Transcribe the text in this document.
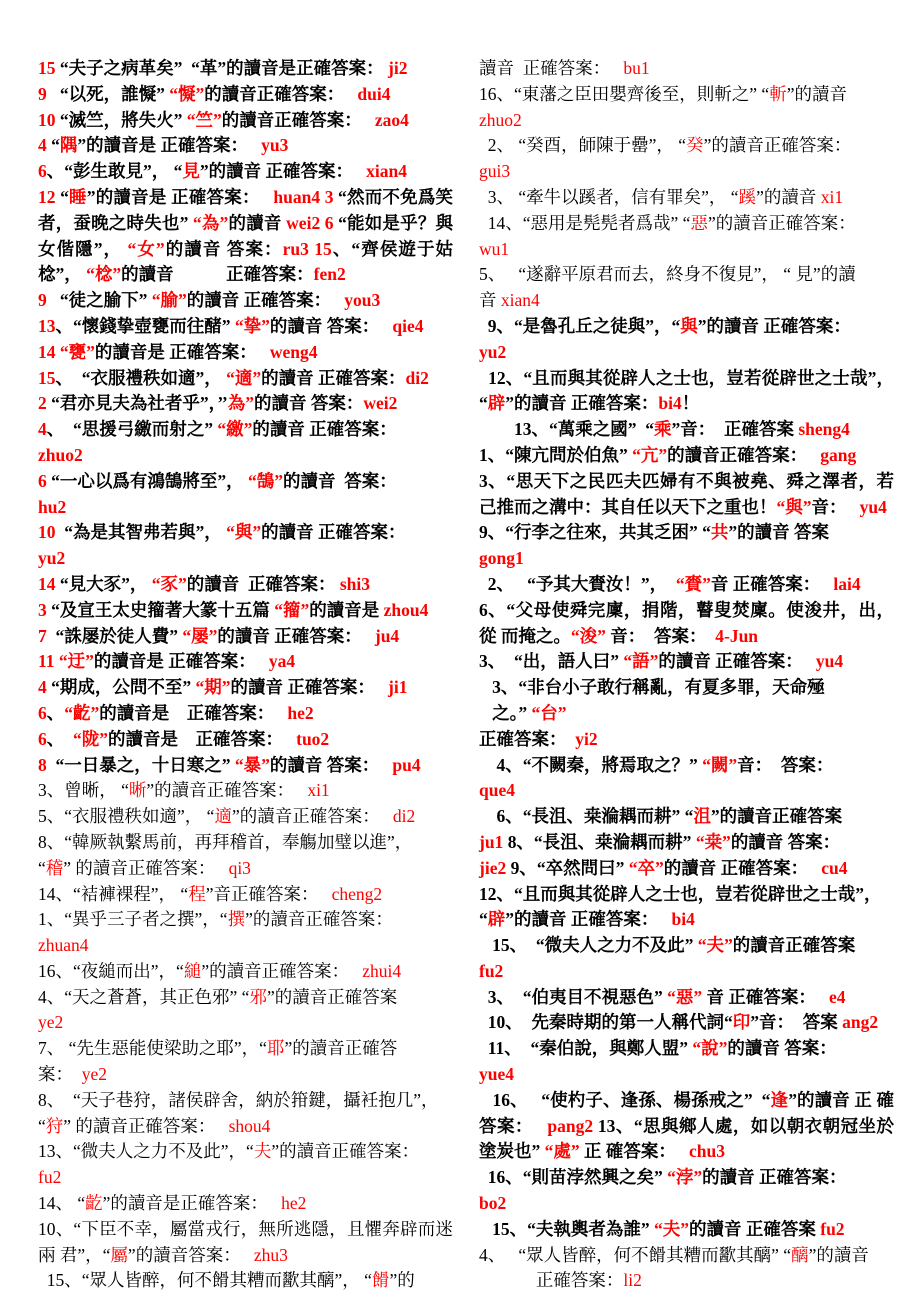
15 “夫子之病革矣”  “革”的讀音是正確答案： ji2
9   “以死，誰懝” “懝”的讀音正確答案：   dui4
10 “滅竺，將失火” “竺”的讀音正確答案：   zao4
4 “隅”的讀音是 正確答案：   yu3
6、“彭生敢見”， “見”的讀音 正確答案：   xian4
12 “睡”的讀音是 正確答案：   huan4 3 “然而不免爲笑者，蚕晚之時失也” “為”的讀音 wei2 6 “能如是乎？與女偕隱”， “女”的讀音 答案：ru3 15、“齊侯遊于姑棯”， “棯”的讀音            正確答案：fen2
9   “徒之腧下” “腧”的讀音 正確答案：   you3
13、“懷錢挚壺甕而往醏” “挚”的讀音 答案：   qie4
14 “甕”的讀音是 正確答案：   weng4
15、  “衣服禮秩如適”， “適”的讀音 正確答案：di2
2 “君亦見夫為社者乎”，’’為”的讀音 答案：wei2
4、  “思援弓繳而射之” “繳”的讀音 正確答案：
zhuo2
6 “一心以爲有鴻鵠將至”， “鵠”的讀音  答案：
hu2
10  “為是其智弗若與”， “與”的讀音 正確答案：
yu2
14 “見大豕”， “豕”的讀音  正確答案： shi3
3 “及宣王太史籀著大篆十五篇 “籀”的讀音是 zhou4
7  “誅屡於徒人費” “屡”的讀音 正確答案：   ju4
11 “迂”的讀音是 正確答案：   ya4
4 “期成，公問不至” “期”的讀音 正確答案：   ji1
6、“齕”的讀音是    正確答案：   he2
6、  “陇”的讀音是    正確答案：   tuo2
8  “一日暴之，十日寒之” “暴”的讀音 答案：   pu4
3、曾晰， “晰”的讀音正確答案：   xi1
5、“衣服禮秩如適”， “適”的讀音正確答案：   di2
8、“韓厥執繫馬前，再拜稽首，奉觴加璧以進”，
“稽” 的讀音正確答案：   qi3
14、“袺褲裸程”， “程”音正確答案：   cheng2
1、“異乎三子者之撰”，“撰”的讀音正確答案：
zhuan4
16、“夜縋而出”，“縋”的讀音正確答案：   zhui4
4、“天之蒼蒼，其正色邪” “邪”的讀音正確答案
ye2
7、 “先生惡能使梁助之耶”，“耶”的讀音正確答
案：  ye2
8、  “天子巷狩，諸侯辟舍，納於箝鍵，攝衽抱几”，
“狩” 的讀音正確答案：   shou4
13、“微夫人之力不及此”，“夫”的讀音正確答案：
fu2
14、 “齕”的讀音是正確答案：   he2
10、“下臣不幸，屬當戎行，無所逃隱，且懼奔辟而迷兩 君”，“屬”的讀音答案：   zhu3
15、“眾人皆醉，何不餶其糟而歠其醨”， “餶”的
讀音  正確答案：   bu1
16、“東藩之臣田嬰齊後至，則斬之” “斬”的讀音
zhuo2
2、 “癸酉，師陳于罍”， “癸”的讀音正確答案：
gui3
3、 “牽牛以蹊者，信有罪矣”， “蹊”的讀音 xi1
14、“惡用是髡髡者爲哉” “惡”的讀音正確答案：
wu1
5、   “遂辭平原君而去，終身不復見”， “ 見”的讀
音 xian4
9、“是魯孔丘之徒與”，“與”的讀音 正確答案：
yu2
12、“且而與其從辟人之士也，豈若從辟世之士哉”，  “辟”的讀音 正確答案：bi4！
13、“萬乘之國”  “乘”音：  正確答案 sheng4
1、“陳亢問於伯魚” “亢”的讀音正確答案：   gang
3、“思天下之民匹夫匹婦有不與被堯、舜之澤者，若己推而之溝中：其自任以天下之重也！“與”音：   yu4
9、“行李之往來，共其乏困” “共”的讀音 答案
gong1
2、   “予其大賚汝！”，  “賚”音 正確答案：   lai4
6、“父母使舜完廩，捐階，瞽叟焚廩。使浚井，出，從 而掩之。“浚” 音：  答案：  4-Jun
3、  “出，語人曰” “語”的讀音 正確答案：   yu4
3、“非台小子敢行稱亂，有夏多罪，天命殛
之。” “台”
正確答案：  yi2
4、“不闕秦，將焉取之？” “闕”音：  答案：
que4
6、“長沮、桒溣耦而耕” “沮”的讀音正確答案
ju1 8、“長沮、桒溣耦而耕” “桒”的讀音 答案：
jie2 9、“卒然問曰” “卒”的讀音 正確答案：   cu4
12、“且而與其從辟人之士也，豈若從辟世之士哉”，
“辟”的讀音 正確答案：   bi4
15、  “微夫人之力不及此” “夫”的讀音正確答案
fu2
3、  “伯夷目不視惡色” “惡” 音 正確答案：   e4
10、  先秦時期的第一人稱代詞“印”音：  答案 ang2
11、  “秦伯說，與鄭人盟” “說”的讀音 答案：
yue4
16、   “使杓子、逢孫、楊孫戒之”  “逢”的讀音 正 確答案：   pang2 13、“思與鄉人處，如以朝衣朝冠坐於塗炭也” “處” 正 確答案：   chu3
16、“則苗浡然興之矣” “浡”的讀音 正確答案：
bo2
15、“夫執輿者為誰” “夫”的讀音 正確答案 fu2
4、   “眾人皆醉，何不餶其糟而歠其醨” “醨”的讀音
正確答案：li2
